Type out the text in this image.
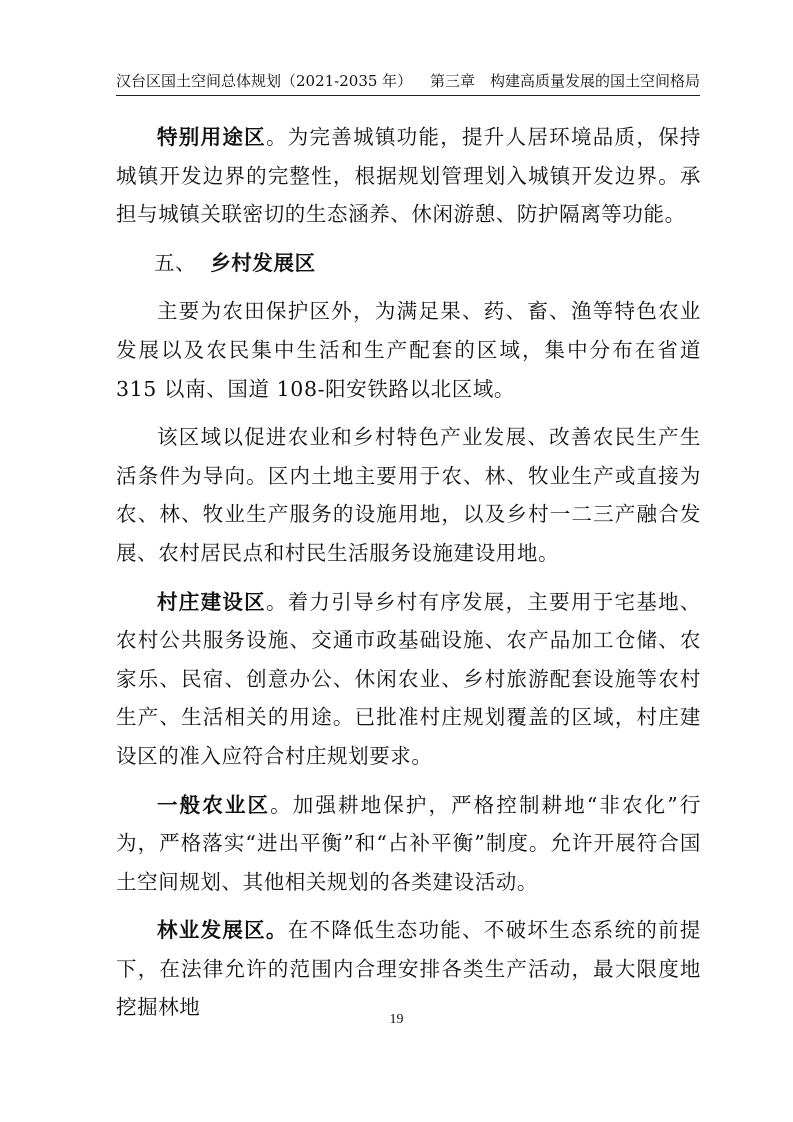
汉台区国土空间总体规划（2021-2035 年） 第三章　构建高质量发展的国土空间格局

特别用途区。为完善城镇功能，提升人居环境品质，保持城镇开发边界的完整性，根据规划管理划入城镇开发边界。承担与城镇关联密切的生态涵养、休闲游憩、防护隔离等功能。

五、 乡村发展区

主要为农田保护区外，为满足果、药、畜、渔等特色农业发展以及农民集中生活和生产配套的区域，集中分布在省道 315 以南、国道 108-阳安铁路以北区域。

该区域以促进农业和乡村特色产业发展、改善农民生产生活条件为导向。区内土地主要用于农、林、牧业生产或直接为农、林、牧业生产服务的设施用地，以及乡村一二三产融合发展、农村居民点和村民生活服务设施建设用地。

村庄建设区。着力引导乡村有序发展，主要用于宅基地、农村公共服务设施、交通市政基础设施、农产品加工仓储、农家乐、民宿、创意办公、休闲农业、乡村旅游配套设施等农村生产、生活相关的用途。已批准村庄规划覆盖的区域，村庄建设区的准入应符合村庄规划要求。

一般农业区。加强耕地保护，严格控制耕地“非农化”行为，严格落实“进出平衡”和“占补平衡”制度。允许开展符合国土空间规划、其他相关规划的各类建设活动。

林业发展区。在不降低生态功能、不破坏生态系统的前提下，在法律允许的范围内合理安排各类生产活动，最大限度地挖掘林地

19
